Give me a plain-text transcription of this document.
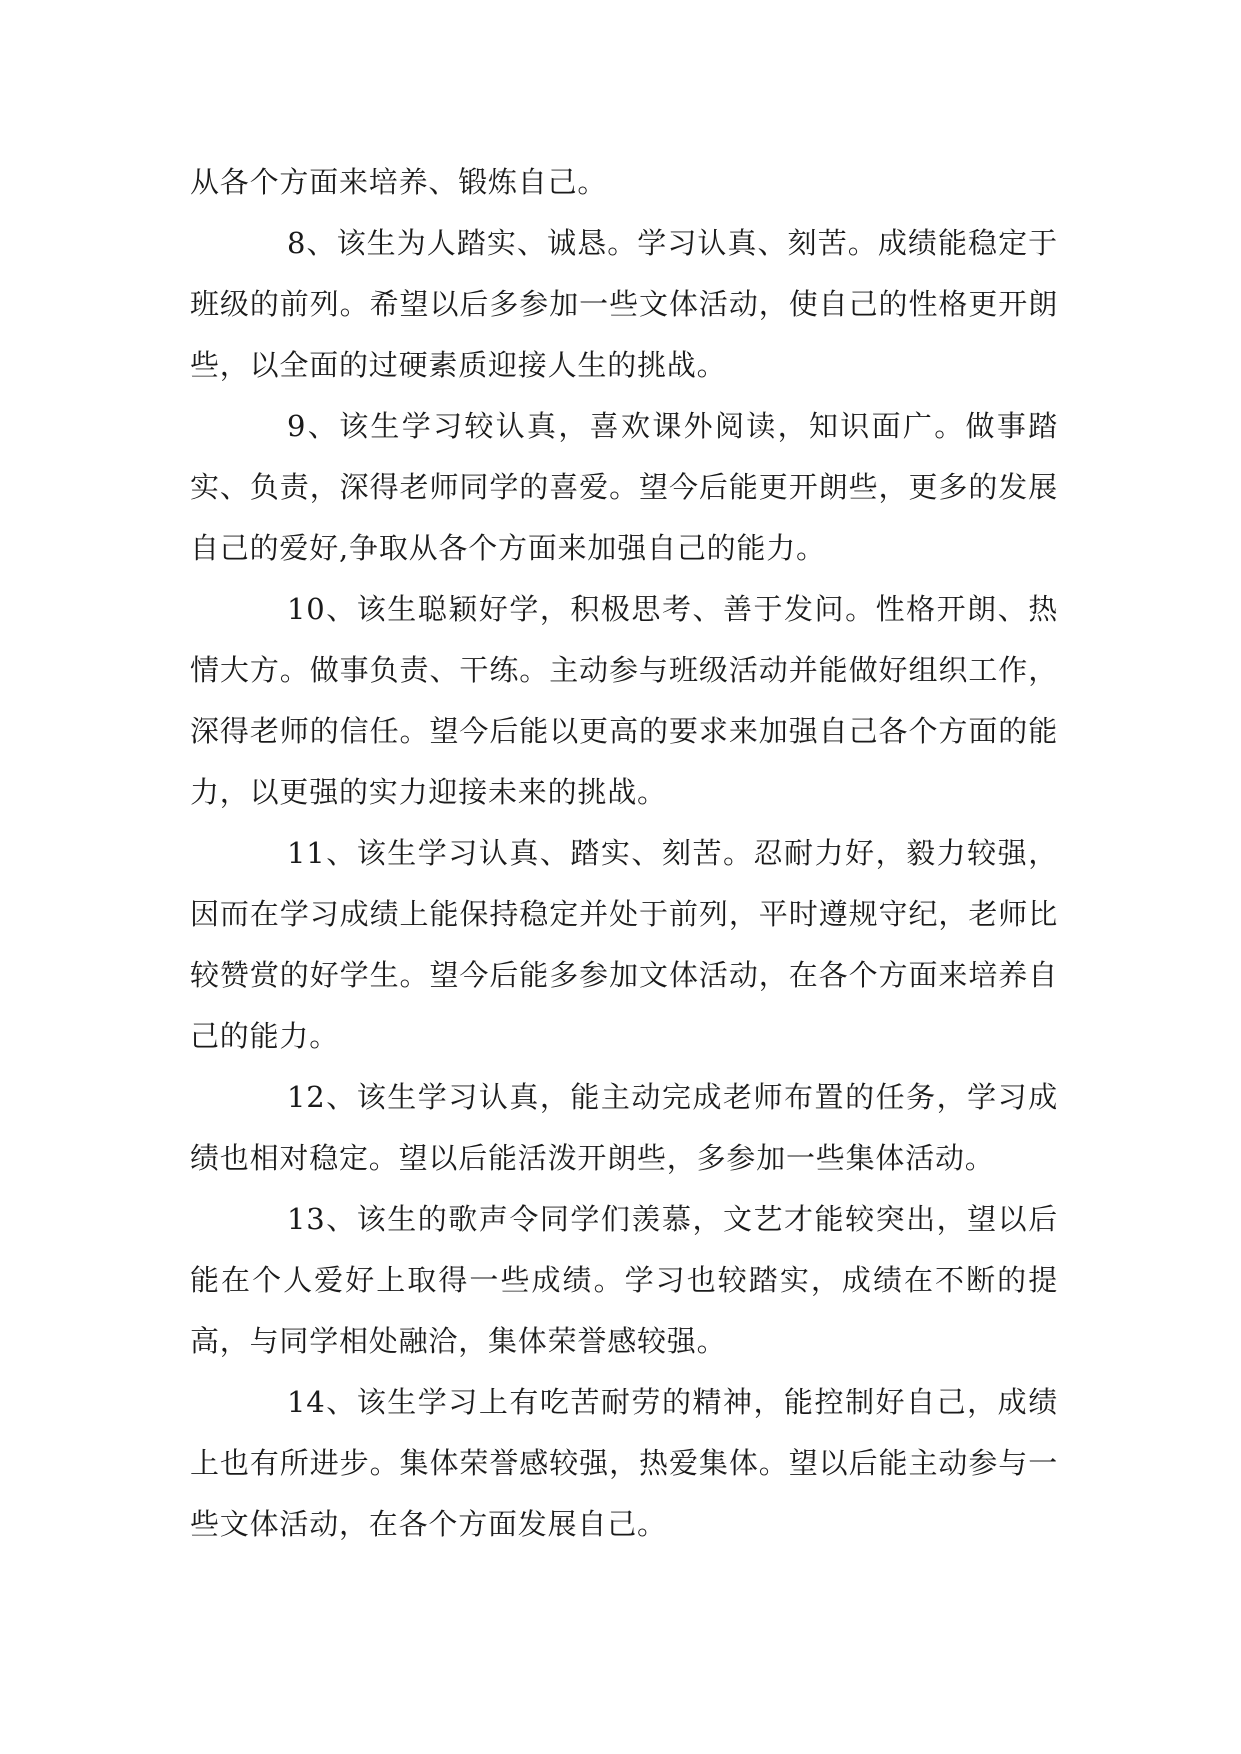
从各个方面来培养、锻炼自己。

8、该生为人踏实、诚恳。学习认真、刻苦。成绩能稳定于班级的前列。希望以后多参加一些文体活动，使自己的性格更开朗些，以全面的过硬素质迎接人生的挑战。

9、该生学习较认真，喜欢课外阅读，知识面广。做事踏实、负责，深得老师同学的喜爱。望今后能更开朗些，更多的发展自己的爱好,争取从各个方面来加强自己的能力。

10、该生聪颖好学，积极思考、善于发问。性格开朗、热情大方。做事负责、干练。主动参与班级活动并能做好组织工作，深得老师的信任。望今后能以更高的要求来加强自己各个方面的能力，以更强的实力迎接未来的挑战。

11、该生学习认真、踏实、刻苦。忍耐力好，毅力较强，因而在学习成绩上能保持稳定并处于前列，平时遵规守纪，老师比较赞赏的好学生。望今后能多参加文体活动，在各个方面来培养自己的能力。

12、该生学习认真，能主动完成老师布置的任务，学习成绩也相对稳定。望以后能活泼开朗些，多参加一些集体活动。

13、该生的歌声令同学们羡慕，文艺才能较突出，望以后能在个人爱好上取得一些成绩。学习也较踏实，成绩在不断的提高，与同学相处融洽，集体荣誉感较强。

14、该生学习上有吃苦耐劳的精神，能控制好自己，成绩上也有所进步。集体荣誉感较强，热爱集体。望以后能主动参与一些文体活动，在各个方面发展自己。
